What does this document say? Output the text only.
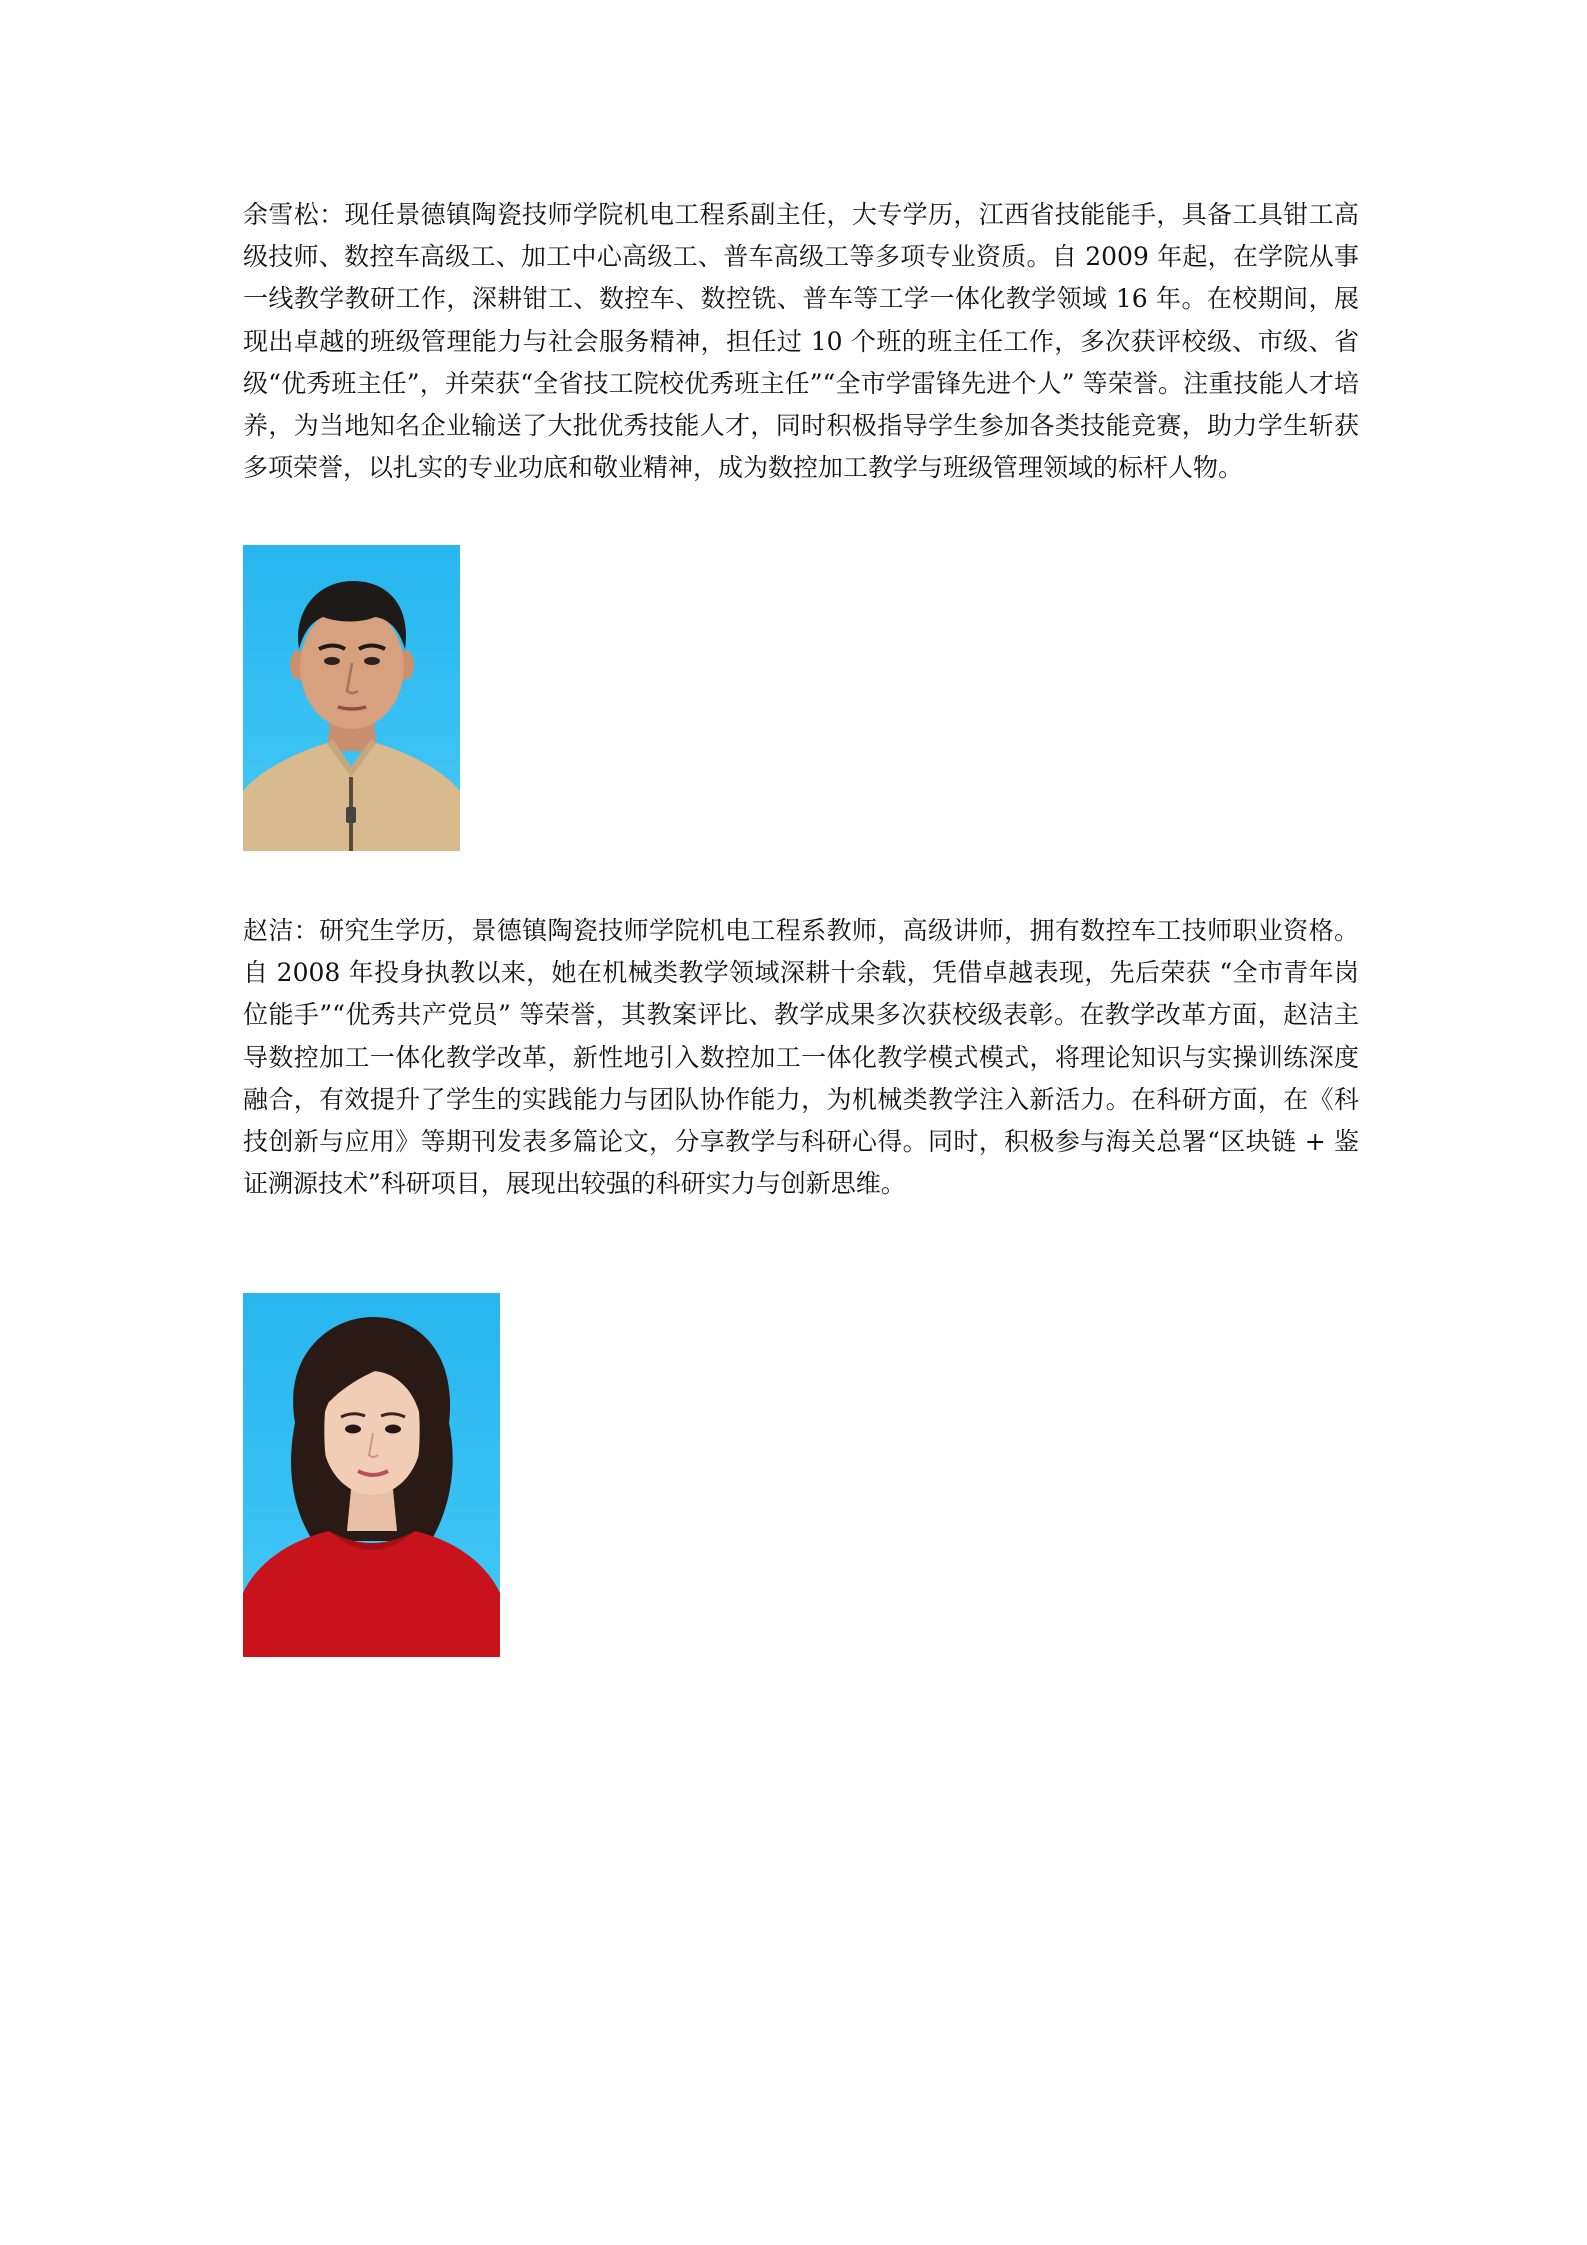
余雪松：现任景德镇陶瓷技师学院机电工程系副主任，大专学历，江西省技能能手，具备工具钳工高级技师、数控车高级工、加工中心高级工、普车高级工等多项专业资质。自 2009 年起，在学院从事一线教学教研工作，深耕钳工、数控车、数控铣、普车等工学一体化教学领域 16 年。在校期间，展现出卓越的班级管理能力与社会服务精神，担任过 10 个班的班主任工作，多次获评校级、市级、省级“优秀班主任”，并荣获“全省技工院校优秀班主任”“全市学雷锋先进个人” 等荣誉。注重技能人才培养，为当地知名企业输送了大批优秀技能人才，同时积极指导学生参加各类技能竞赛，助力学生斩获多项荣誉，以扎实的专业功底和敬业精神，成为数控加工教学与班级管理领域的标杆人物。

赵洁：研究生学历，景德镇陶瓷技师学院机电工程系教师，高级讲师，拥有数控车工技师职业资格。自 2008 年投身执教以来，她在机械类教学领域深耕十余载，凭借卓越表现，先后荣获 “全市青年岗位能手”“优秀共产党员” 等荣誉，其教案评比、教学成果多次获校级表彰。在教学改革方面，赵洁主导数控加工一体化教学改革，新性地引入数控加工一体化教学模式模式，将理论知识与实操训练深度融合，有效提升了学生的实践能力与团队协作能力，为机械类教学注入新活力。在科研方面，在《科技创新与应用》等期刊发表多篇论文，分享教学与科研心得。同时，积极参与海关总署“区块链 + 鉴证溯源技术”科研项目，展现出较强的科研实力与创新思维。
